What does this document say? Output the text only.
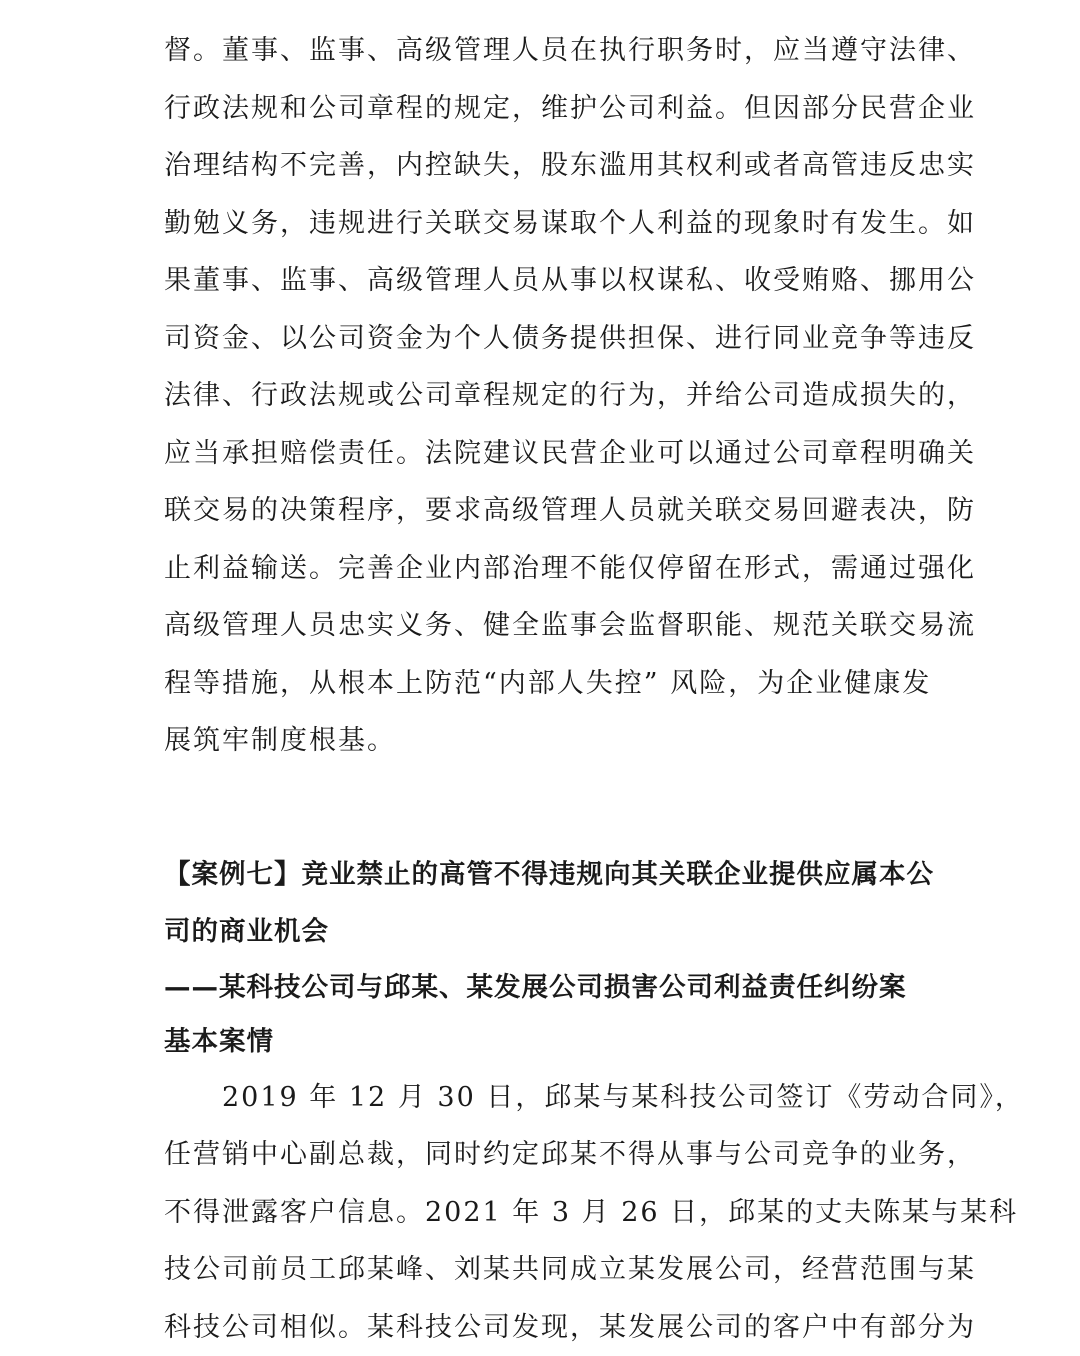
督。董事、监事、高级管理人员在执行职务时，应当遵守法律、
行政法规和公司章程的规定，维护公司利益。但因部分民营企业
治理结构不完善，内控缺失，股东滥用其权利或者高管违反忠实
勤勉义务，违规进行关联交易谋取个人利益的现象时有发生。如
果董事、监事、高级管理人员从事以权谋私、收受贿赂、挪用公
司资金、以公司资金为个人债务提供担保、进行同业竞争等违反
法律、行政法规或公司章程规定的行为，并给公司造成损失的，
应当承担赔偿责任。法院建议民营企业可以通过公司章程明确关
联交易的决策程序，要求高级管理人员就关联交易回避表决，防
止利益输送。完善企业内部治理不能仅停留在形式，需通过强化
高级管理人员忠实义务、健全监事会监督职能、规范关联交易流
程等措施，从根本上防范“内部人失控” 风险，为企业健康发
展筑牢制度根基。
【案例七】竞业禁止的高管不得违规向其关联企业提供应属本公
司的商业机会
——某科技公司与邱某、某发展公司损害公司利益责任纠纷案
基本案情
2019 年 12 月 30 日，邱某与某科技公司签订《劳动合同》，
任营销中心副总裁，同时约定邱某不得从事与公司竞争的业务，
不得泄露客户信息。2021 年 3 月 26 日，邱某的丈夫陈某与某科
技公司前员工邱某峰、刘某共同成立某发展公司，经营范围与某
科技公司相似。某科技公司发现，某发展公司的客户中有部分为
